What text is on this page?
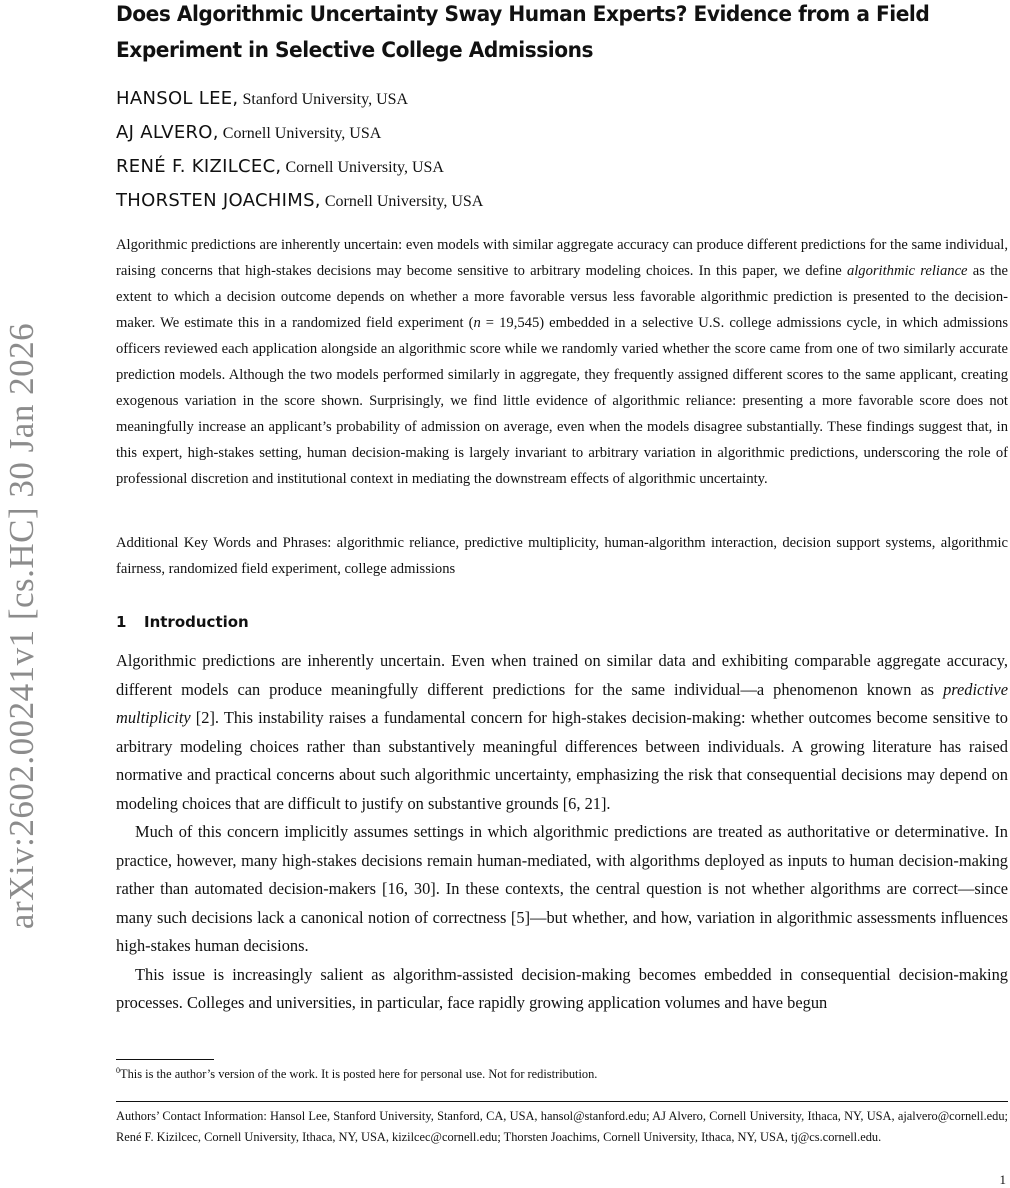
arXiv:2602.00241v1 [cs.HC] 30 Jan 2026
Does Algorithmic Uncertainty Sway Human Experts? Evidence from a Field Experiment in Selective College Admissions
HANSOL LEE, Stanford University, USA
AJ ALVERO, Cornell University, USA
RENÉ F. KIZILCEC, Cornell University, USA
THORSTEN JOACHIMS, Cornell University, USA
Algorithmic predictions are inherently uncertain: even models with similar aggregate accuracy can produce different predictions for the same individual, raising concerns that high-stakes decisions may become sensitive to arbitrary modeling choices. In this paper, we define algorithmic reliance as the extent to which a decision outcome depends on whether a more favorable versus less favorable algorithmic prediction is presented to the decision-maker. We estimate this in a randomized field experiment (n = 19,545) embedded in a selective U.S. college admissions cycle, in which admissions officers reviewed each application alongside an algorithmic score while we randomly varied whether the score came from one of two similarly accurate prediction models. Although the two models performed similarly in aggregate, they frequently assigned different scores to the same applicant, creating exogenous variation in the score shown. Surprisingly, we find little evidence of algorithmic reliance: presenting a more favorable score does not meaningfully increase an applicant’s probability of admission on average, even when the models disagree substantially. These findings suggest that, in this expert, high-stakes setting, human decision-making is largely invariant to arbitrary variation in algorithmic predictions, underscoring the role of professional discretion and institutional context in mediating the downstream effects of algorithmic uncertainty.
Additional Key Words and Phrases: algorithmic reliance, predictive multiplicity, human-algorithm interaction, decision support systems, algorithmic fairness, randomized field experiment, college admissions
1 Introduction

Algorithmic predictions are inherently uncertain. Even when trained on similar data and exhibiting comparable aggregate accuracy, different models can produce meaningfully different predictions for the same individual—a phenomenon known as predictive multiplicity [2]. This instability raises a fundamental concern for high-stakes decision-making: whether outcomes become sensitive to arbitrary modeling choices rather than substantively meaningful differences between individuals. A growing literature has raised normative and practical concerns about such algorithmic uncertainty, emphasizing the risk that consequential decisions may depend on modeling choices that are difficult to justify on substantive grounds [6, 21].

Much of this concern implicitly assumes settings in which algorithmic predictions are treated as authoritative or determinative. In practice, however, many high-stakes decisions remain human-mediated, with algorithms deployed as inputs to human decision-making rather than automated decision-makers [16, 30]. In these contexts, the central question is not whether algorithms are correct—since many such decisions lack a canonical notion of correctness [5]—but whether, and how, variation in algorithmic assessments influences high-stakes human decisions.

This issue is increasingly salient as algorithm-assisted decision-making becomes embedded in consequential decision-making processes. Colleges and universities, in particular, face rapidly growing application volumes and have begun

$^0$This is the author’s version of the work. It is posted here for personal use. Not for redistribution.
Authors’ Contact Information: Hansol Lee, Stanford University, Stanford, CA, USA, hansol@stanford.edu; AJ Alvero, Cornell University, Ithaca, NY, USA, ajalvero@cornell.edu; René F. Kizilcec, Cornell University, Ithaca, NY, USA, kizilcec@cornell.edu; Thorsten Joachims, Cornell University, Ithaca, NY, USA, tj@cs.cornell.edu.
1
